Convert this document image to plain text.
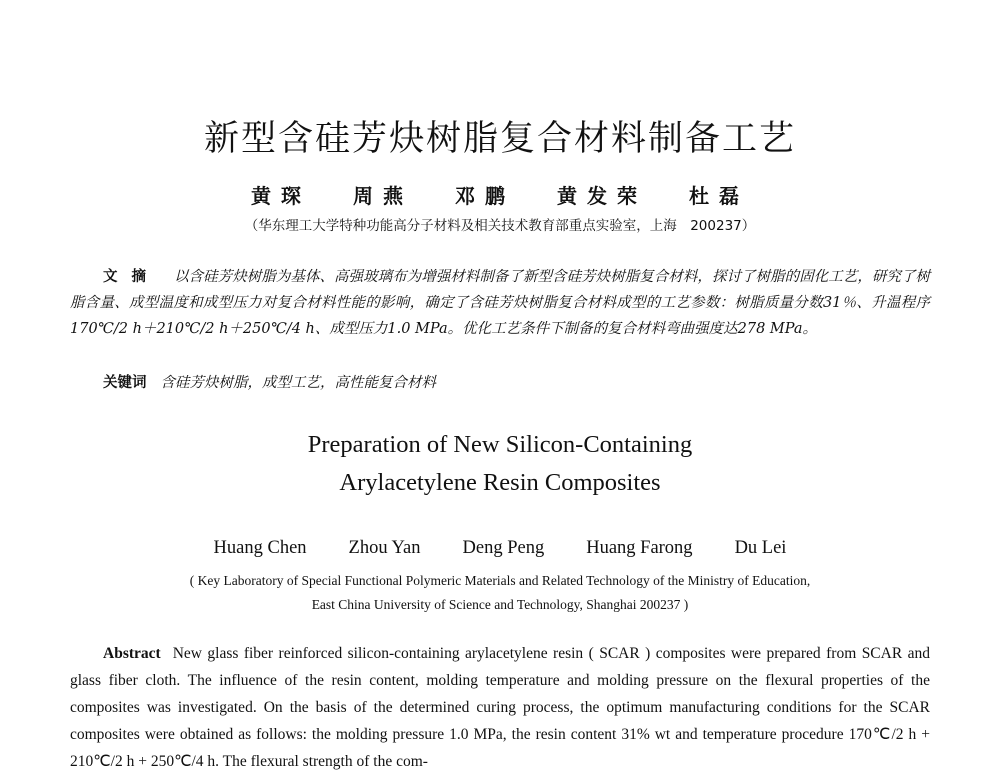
新型含硅芳炔树脂复合材料制备工艺
黄琛 周燕 邓鹏 黄发荣 杜磊
（华东理工大学特种功能高分子材料及相关技术教育部重点实验室，上海　200237）

文摘 以含硅芳炔树脂为基体、高强玻璃布为增强材料制备了新型含硅芳炔树脂复合材料，探讨了树脂的固化工艺，研究了树脂含量、成型温度和成型压力对复合材料性能的影响，确定了含硅芳炔树脂复合材料成型的工艺参数：树脂质量分数31％、升温程序170℃/2 h＋210℃/2 h＋250℃/4 h、成型压力1.0 MPa。优化工艺条件下制备的复合材料弯曲强度达278 MPa。

关键词 含硅芳炔树脂，成型工艺，高性能复合材料

Preparation of New Silicon-Containing
Arylacetylene Resin Composites
Huang Chen Zhou Yan Deng Peng Huang Farong Du Lei
( Key Laboratory of Special Functional Polymeric Materials and Related Technology of the Ministry of Education,
East China University of Science and Technology, Shanghai 200237 )

Abstract New glass fiber reinforced silicon-containing arylacetylene resin ( SCAR ) composites were prepared from SCAR and glass fiber cloth. The influence of the resin content, molding temperature and molding pressure on the flexural properties of the composites was investigated. On the basis of the determined curing process, the optimum manufacturing conditions for the SCAR composites were obtained as follows: the molding pressure 1.0 MPa, the resin content 31% wt and temperature procedure 170℃/2 h + 210℃/2 h + 250℃/4 h. The flexural strength of the com-
